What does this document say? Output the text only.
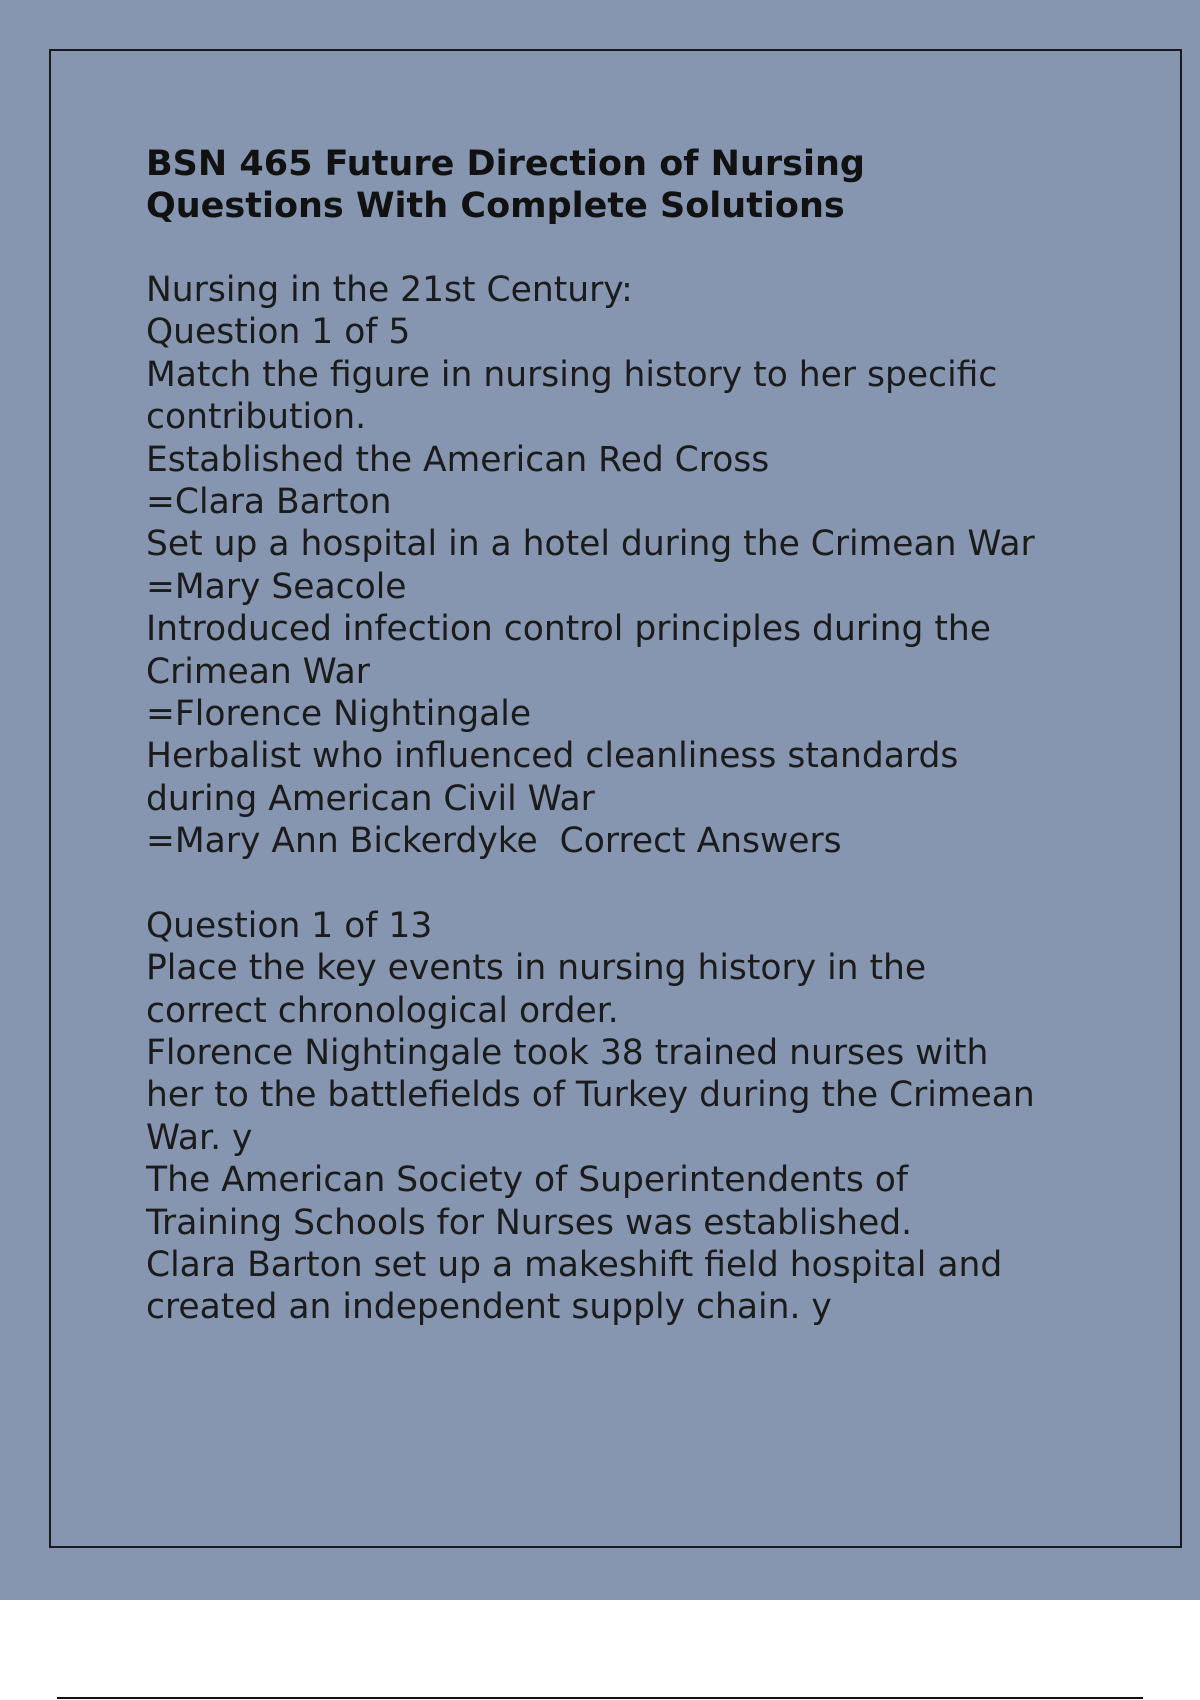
BSN 465 Future Direction of Nursing
Questions With Complete Solutions
Nursing in the 21st Century:
Question 1 of 5
Match the figure in nursing history to her specific
contribution.
Established the American Red Cross
=Clara Barton
Set up a hospital in a hotel during the Crimean War
=Mary Seacole
Introduced infection control principles during the
Crimean War
=Florence Nightingale
Herbalist who influenced cleanliness standards
during American Civil War
=Mary Ann Bickerdyke  Correct Answers
Question 1 of 13
Place the key events in nursing history in the
correct chronological order.
Florence Nightingale took 38 trained nurses with
her to the battlefields of Turkey during the Crimean
War. y
The American Society of Superintendents of
Training Schools for Nurses was established.
Clara Barton set up a makeshift field hospital and
created an independent supply chain. y
